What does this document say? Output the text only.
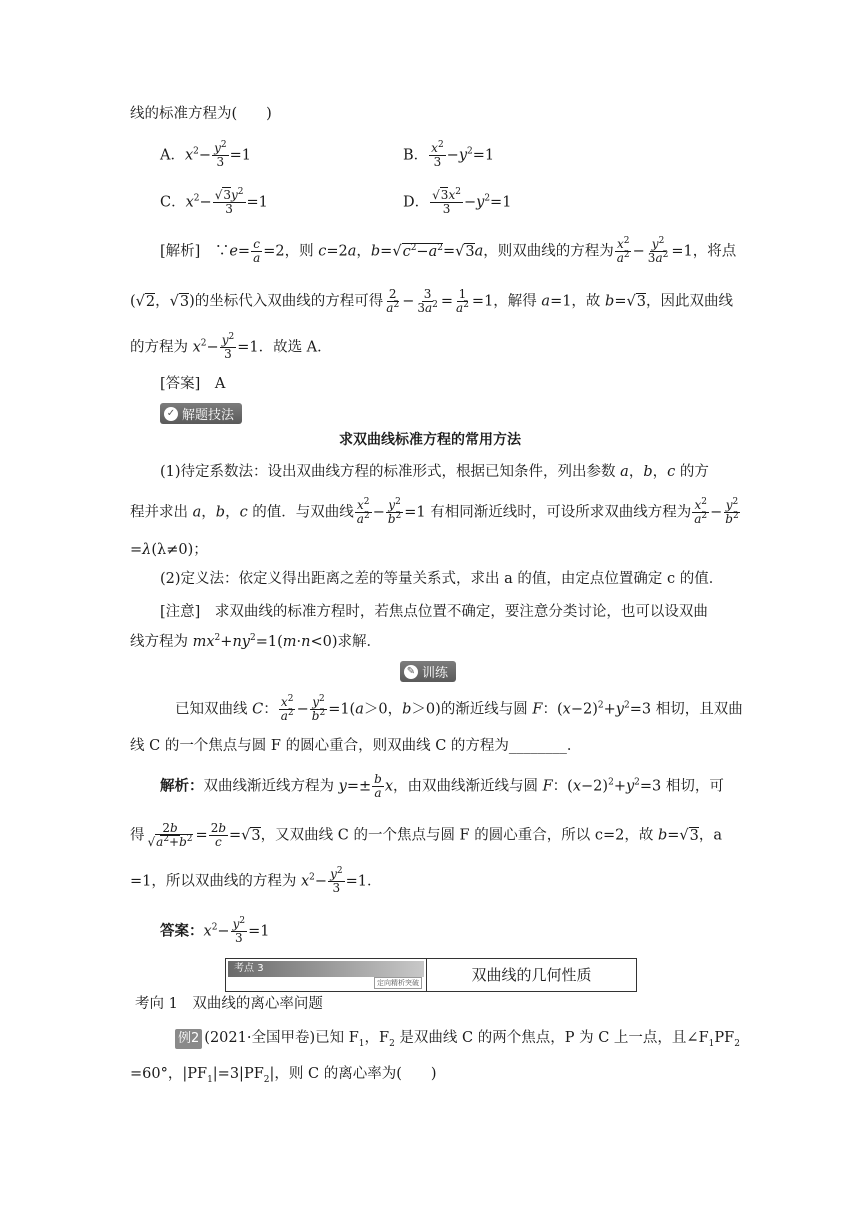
线的标准方程为(　　)
A．$x^2- \frac{y^2}{3} =1$	B． $\frac{x^2}{3} -y^2=1$
C．$x^2- \frac{√3y^2}{3} =1$	D． $\frac{√3x^2}{3} -y^2=1$
[解析]　 ∵e= $\frac{c}{a} =2$，则 c=2a，$b=√c^2-a^2=√3a$，则双曲线的方程为 $\frac{x^2}{a^2} - \frac{y^2}{3a^2} =1$，将点
(√2，√3)的坐标代入双曲线的方程可得 $\frac{2}{a^2} - \frac{3}{3a^2} = \frac{1}{a^2} =1$，解得 a=1，故 b=√3，因此双曲线
的方程为 $x^2- \frac{y^2}{3} =1$．故选 A．
[答案]　 A
✓ 解题技法
求双曲线标准方程的常用方法
(1)待定系数法：设出双曲线方程的标准形式，根据已知条件，列出参数 a，b，c 的方
程并求出 a，b，c 的值．与双曲线 $\frac{x^2}{a^2} - \frac{y^2}{b^2} =1$ 有相同渐近线时，可设所求双曲线方程为 $\frac{x^2}{a^2} - \frac{y^2}{b^2}$
=λ(λ≠0)；
(2)定义法：依定义得出距离之差的等量关系式，求出 a 的值，由定点位置确定 c 的值．
[注意]　 求双曲线的标准方程时，若焦点位置不确定，要注意分类讨论，也可以设双曲
线方程为 $mx^2+ny^2=1(m\cdot n<0)$求解．
✎ 训练
已知双曲线 C： $\frac{x^2}{a^2} - \frac{y^2}{b^2} =1(a>0$，b＞0)的渐近线与圆 F：$(x-2)^2+y^2=3$ 相切，且双曲
线 C 的一个焦点与圆 F 的圆心重合，则双曲线 C 的方程为________．
解析：双曲线渐近线方程为 $y=\pm \frac{b}{a}$ x，由双曲线渐近线与圆 F：$(x-2)^2+y^2=3$ 相切，可
得 $\frac{2b}{√a^2+b^2} = \frac{2b}{c} =√3$，又双曲线 C 的一个焦点与圆 F 的圆心重合，所以 c=2，故 b=√3，a
=1，所以双曲线的方程为 $x^2- \frac{y^2}{3} =1$．
答案：$x^2- \frac{y^2}{3} =1$
考点 3
定向精析突破	双曲线的几何性质
考向 1　双曲线的离心率问题
例2 (2021·全国甲卷)已知 $F_1$，$F_2$ 是双曲线 C 的两个焦点，P 为 C 上一点，且$\angle F_1PF_2$
=60°，$|PF_1|=3|PF_2|$，则 C 的离心率为(　　)
